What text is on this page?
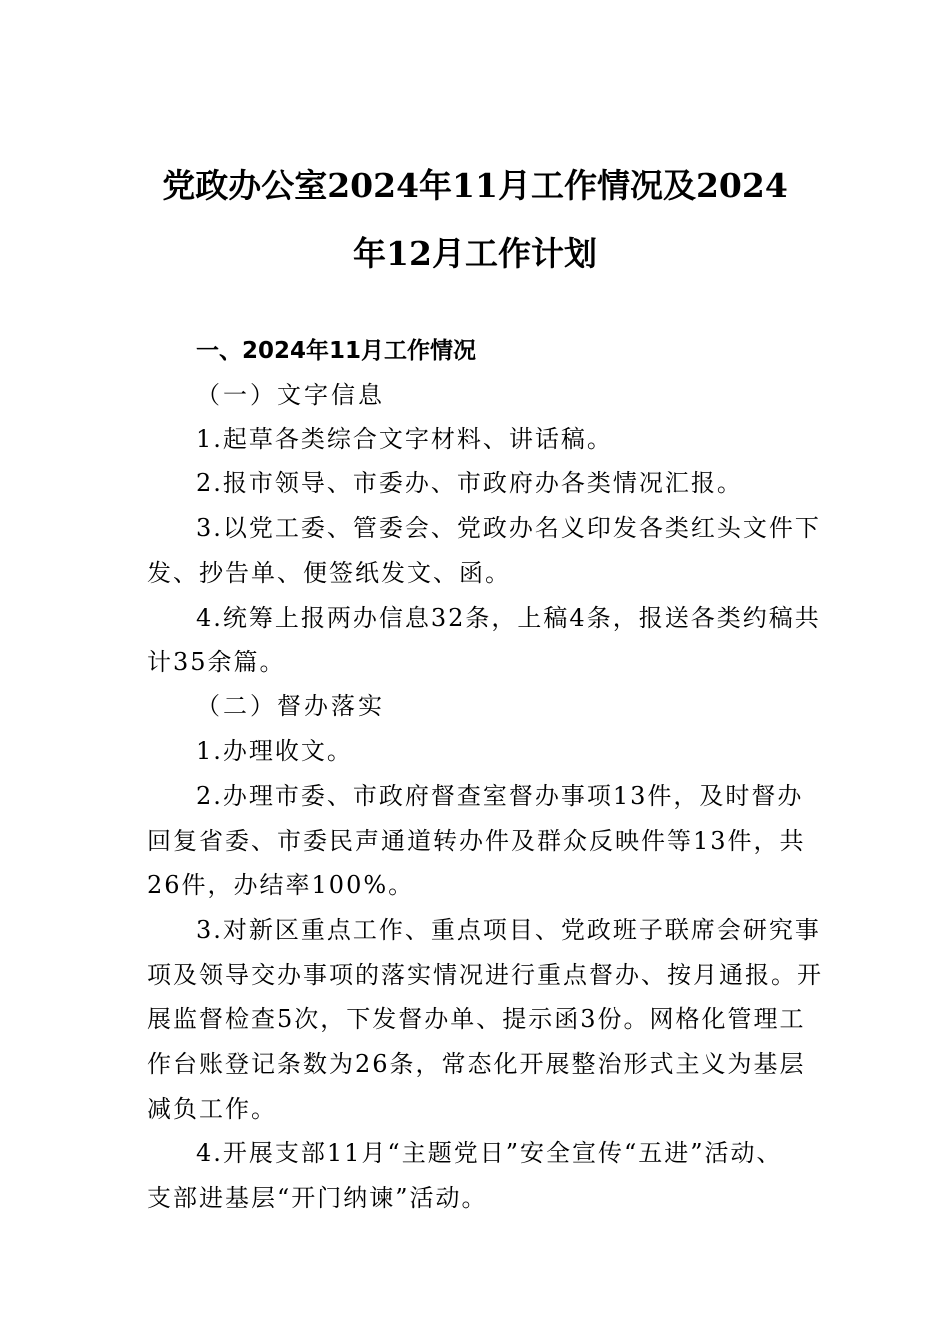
党政办公室2024年11月工作情况及2024
年12月工作计划
一、2024年11月工作情况
（一）文字信息
1.起草各类综合文字材料、讲话稿。
2.报市领导、市委办、市政府办各类情况汇报。
3.以党工委、管委会、党政办名义印发各类红头文件下
发、抄告单、便签纸发文、函。
4.统筹上报两办信息32条，上稿4条，报送各类约稿共
计35余篇。
（二）督办落实
1.办理收文。
2.办理市委、市政府督查室督办事项13件，及时督办
回复省委、市委民声通道转办件及群众反映件等13件，共
26件，办结率100%。
3.对新区重点工作、重点项目、党政班子联席会研究事
项及领导交办事项的落实情况进行重点督办、按月通报。开
展监督检查5次，下发督办单、提示函3份。网格化管理工
作台账登记条数为26条，常态化开展整治形式主义为基层
减负工作。
4.开展支部11月“主题党日”安全宣传“五进”活动、
支部进基层“开门纳谏”活动。
